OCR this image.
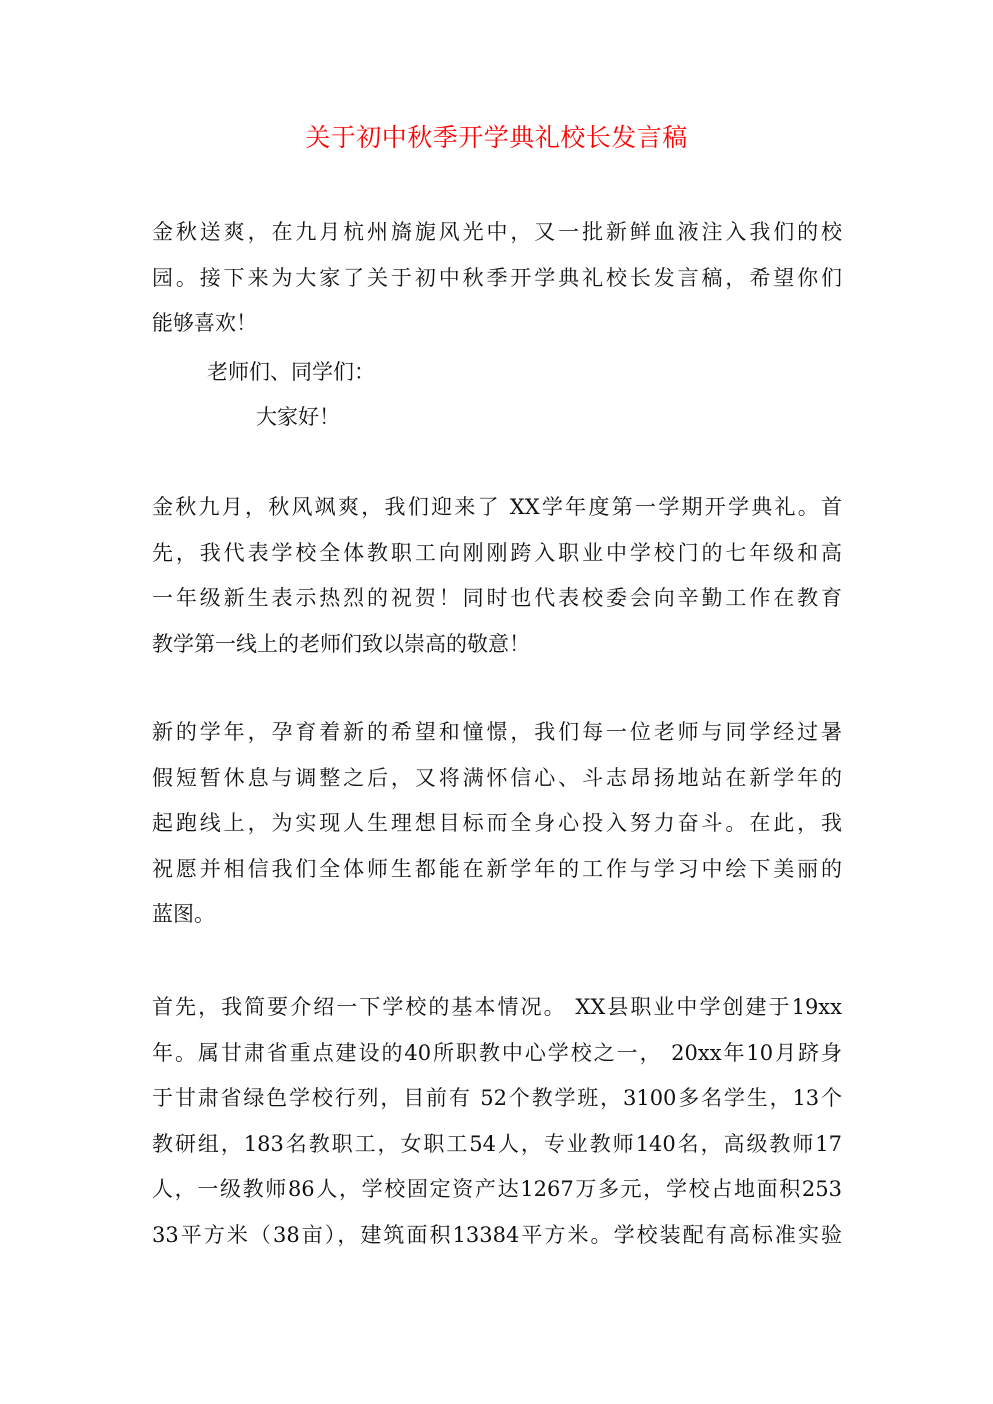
关于初中秋季开学典礼校长发言稿
金秋送爽，在九月杭州旖旎风光中，又一批新鲜血液注入我们的校
园。接下来为大家了关于初中秋季开学典礼校长发言稿，希望你们
能够喜欢！
老师们、同学们：
大家好！
金秋九月，秋风飒爽，我们迎来了 XX学年度第一学期开学典礼。首
先，我代表学校全体教职工向刚刚跨入职业中学校门的七年级和高
一年级新生表示热烈的祝贺！同时也代表校委会向辛勤工作在教育
教学第一线上的老师们致以崇高的敬意！
新的学年，孕育着新的希望和憧憬，我们每一位老师与同学经过暑
假短暂休息与调整之后，又将满怀信心、斗志昂扬地站在新学年的
起跑线上，为实现人生理想目标而全身心投入努力奋斗。在此，我
祝愿并相信我们全体师生都能在新学年的工作与学习中绘下美丽的
蓝图。
首先，我简要介绍一下学校的基本情况。 XX县职业中学创建于19xx
年。属甘肃省重点建设的40所职教中心学校之一， 20xx年10月跻身
于甘肃省绿色学校行列，目前有 52个教学班，3100多名学生，13个
教研组，183名教职工，女职工54人，专业教师140名，高级教师17
人，一级教师86人，学校固定资产达1267万多元，学校占地面积253
33平方米（38亩），建筑面积13384平方米。学校装配有高标准实验
